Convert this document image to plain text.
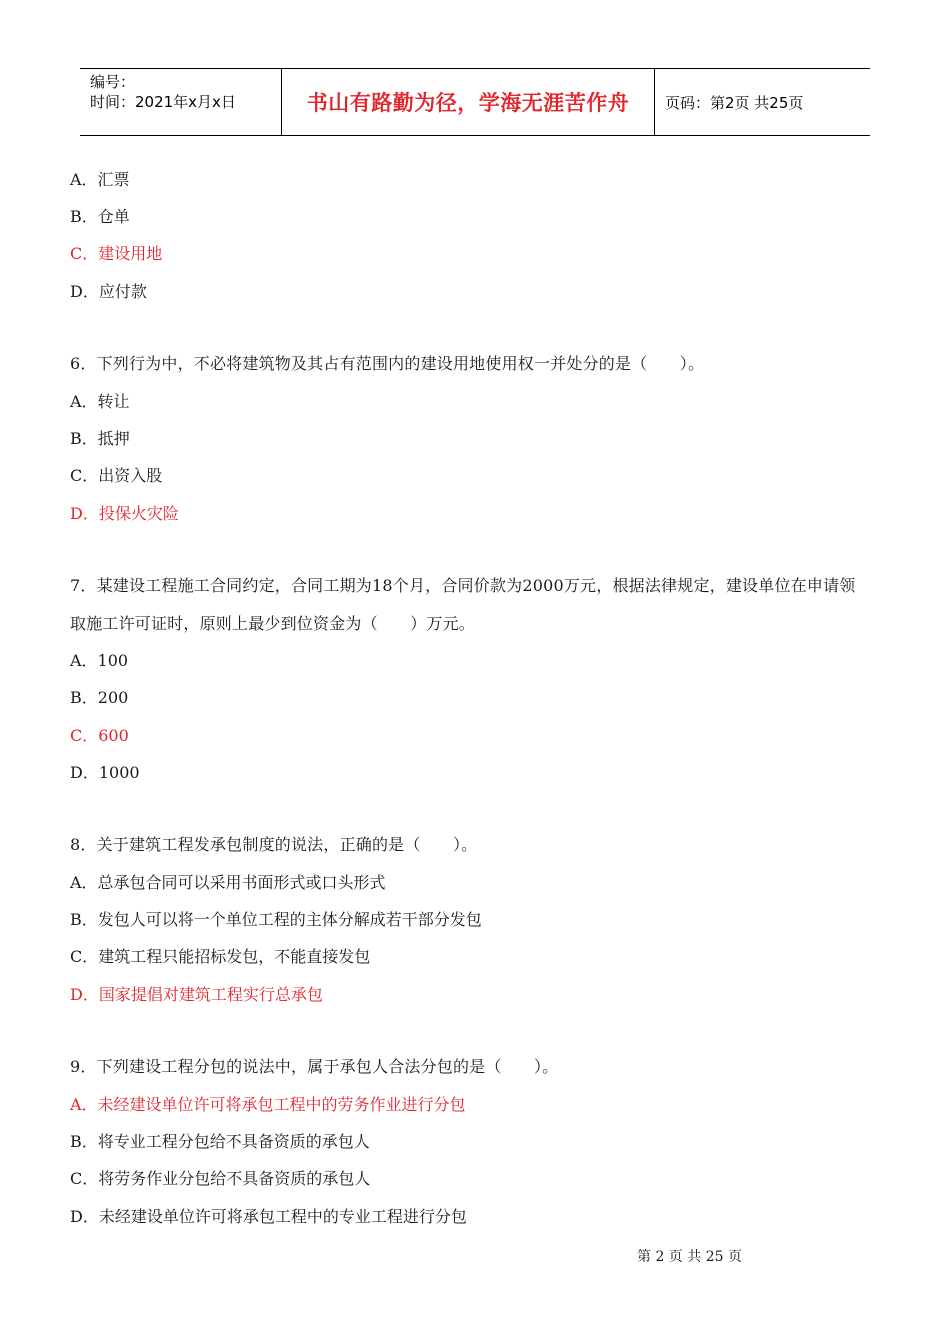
编号：
时间：2021年x月x日	书山有路勤为径，学海无涯苦作舟	页码：第2页 共25页
A．汇票
B．仓单
C．建设用地
D．应付款
6．下列行为中，不必将建筑物及其占有范围内的建设用地使用权一并处分的是（　　）。
A．转让
B．抵押
C．出资入股
D．投保火灾险
7．某建设工程施工合同约定，合同工期为18个月，合同价款为2000万元，根据法律规定，建设单位在申请领
取施工许可证时，原则上最少到位资金为（　　）万元。
A．100
B．200
C．600
D．1000
8．关于建筑工程发承包制度的说法，正确的是（　　）。
A．总承包合同可以采用书面形式或口头形式
B．发包人可以将一个单位工程的主体分解成若干部分发包
C．建筑工程只能招标发包，不能直接发包
D．国家提倡对建筑工程实行总承包
9．下列建设工程分包的说法中，属于承包人合法分包的是（　　）。
A．未经建设单位许可将承包工程中的劳务作业进行分包
B．将专业工程分包给不具备资质的承包人
C．将劳务作业分包给不具备资质的承包人
D．未经建设单位许可将承包工程中的专业工程进行分包
第 2 页 共 25 页
